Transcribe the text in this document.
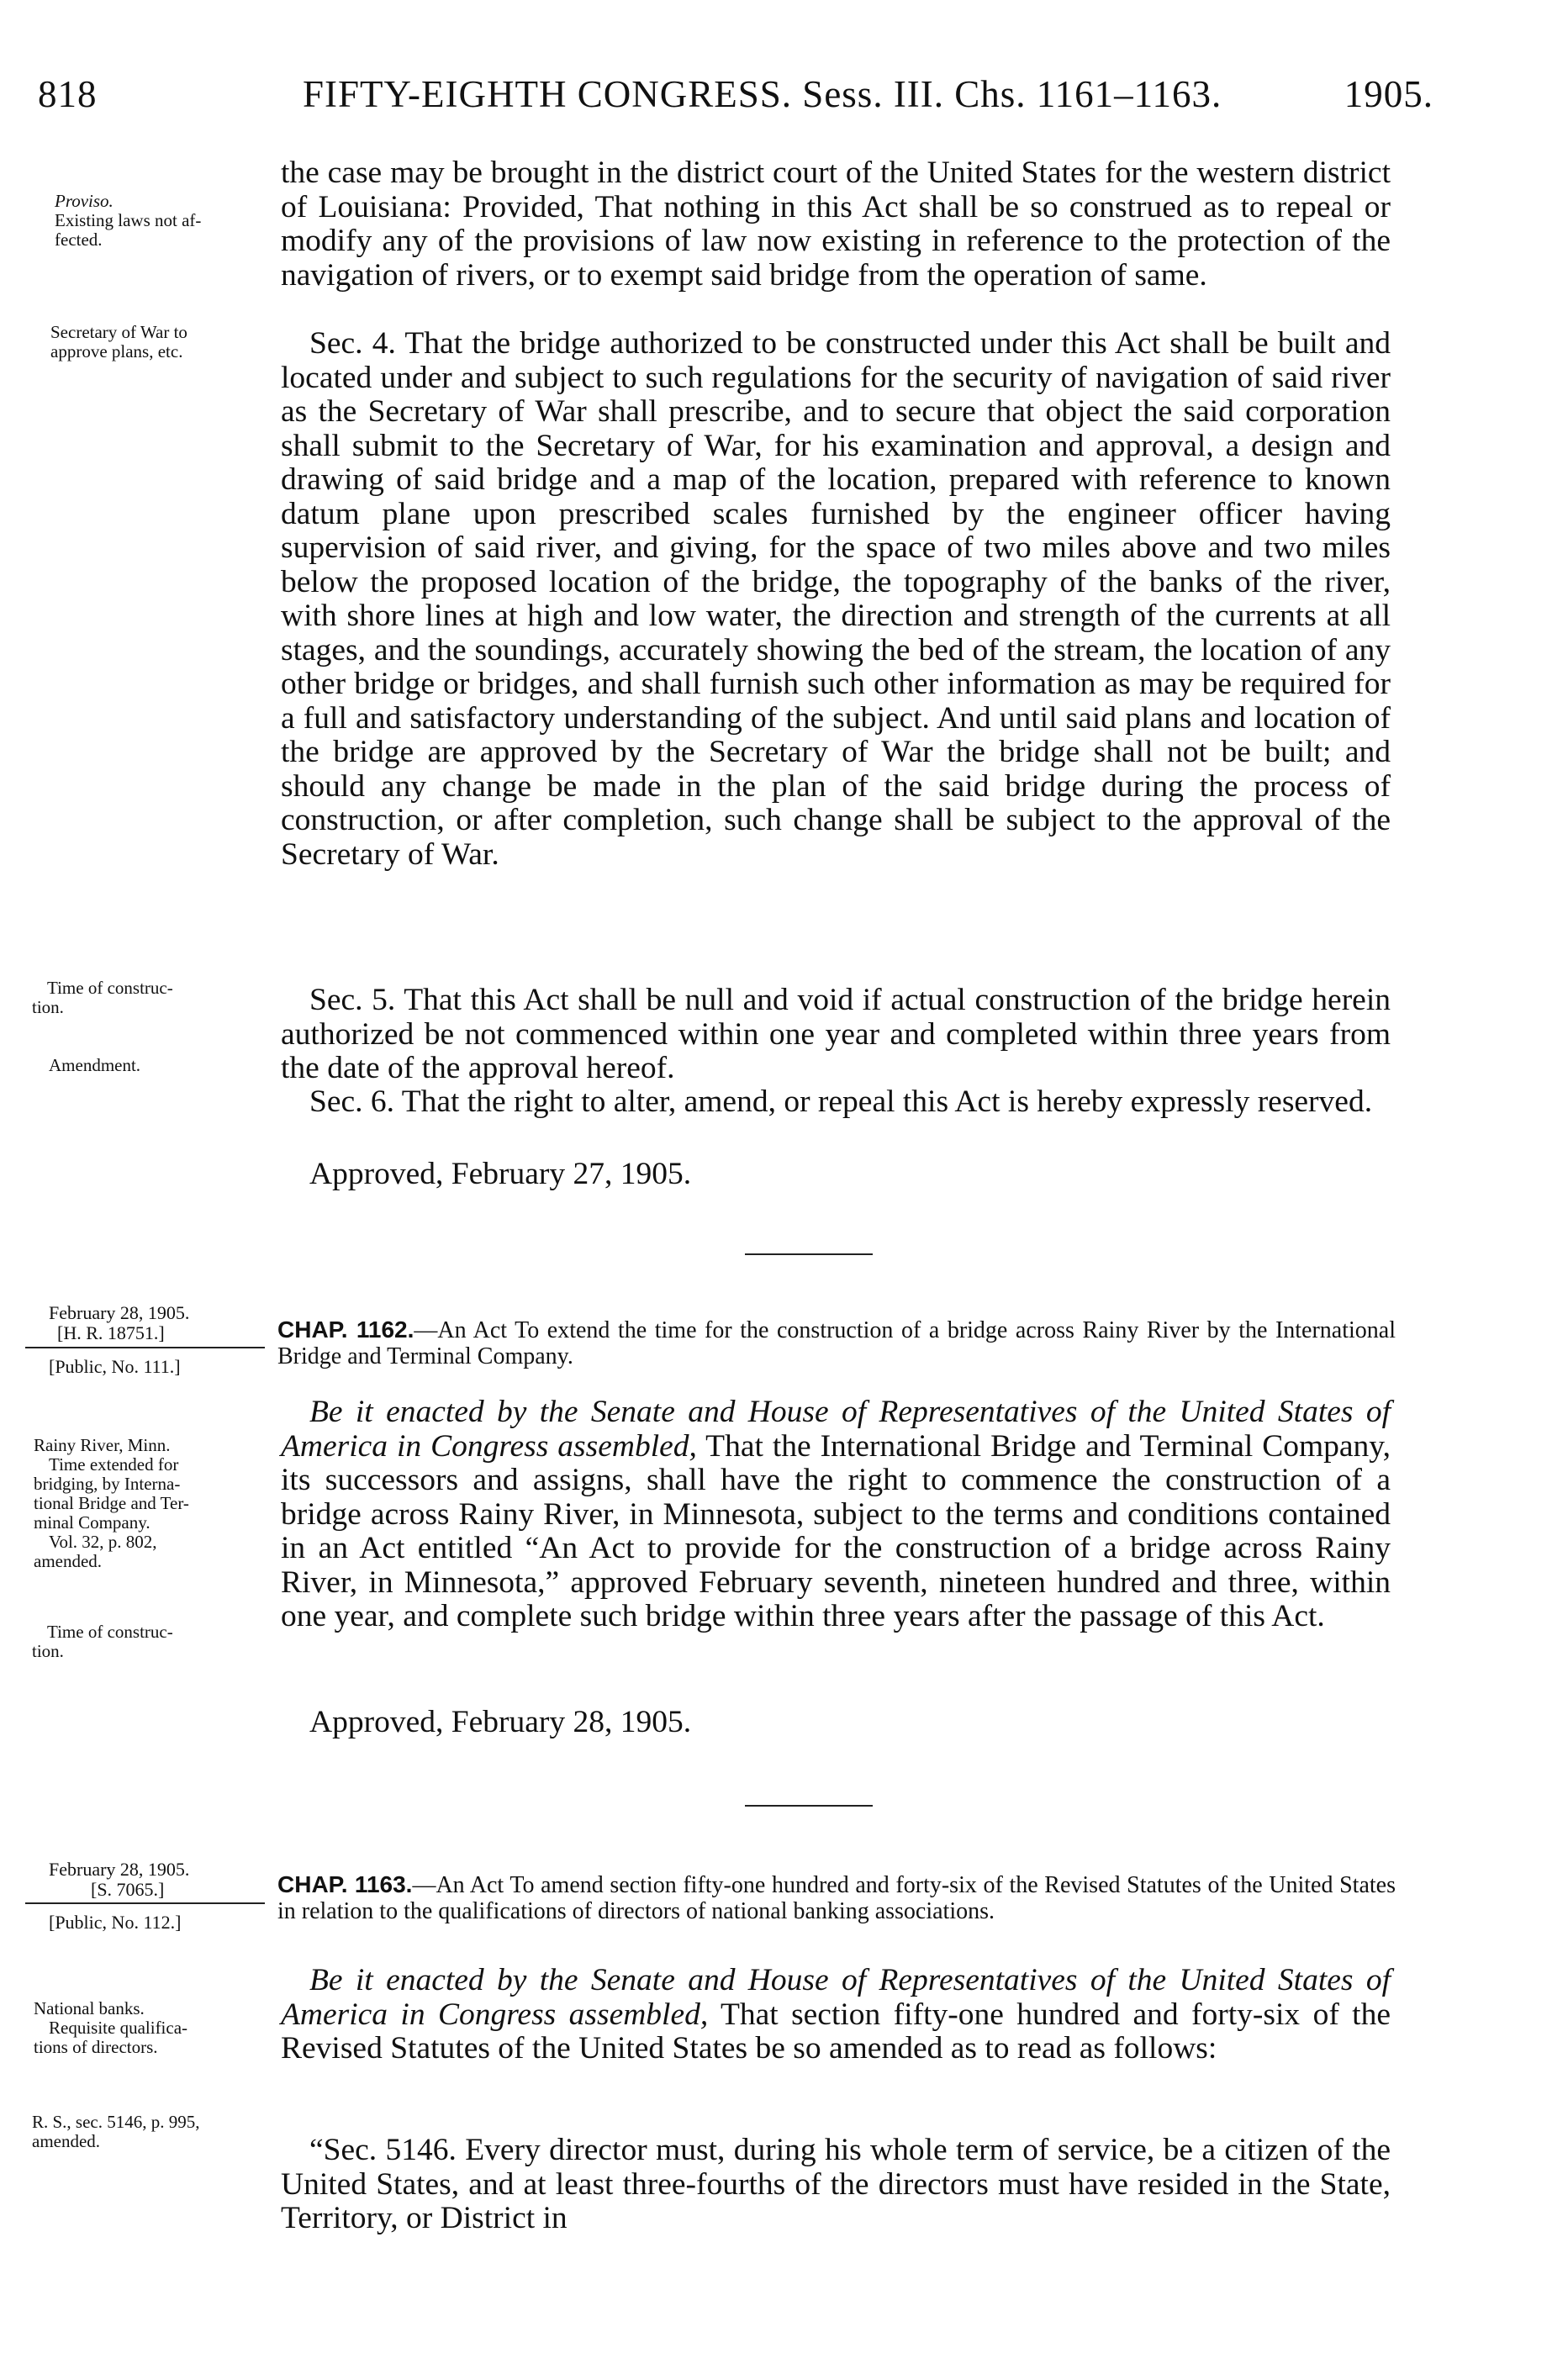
818	FIFTY-EIGHTH CONGRESS. Sess. III. Chs. 1161–1163.	1905.
Proviso.
Existing laws not af-
fected.
Secretary of War to
approve plans, etc.
Time of construc-
tion.
Amendment.

the case may be brought in the district court of the United States for the western district of Louisiana: Provided, That nothing in this Act shall be so construed as to repeal or modify any of the provisions of law now existing in reference to the protection of the navigation of rivers, or to exempt said bridge from the operation of same.

Sec. 4. That the bridge authorized to be constructed under this Act shall be built and located under and subject to such regulations for the security of navigation of said river as the Secretary of War shall prescribe, and to secure that object the said corporation shall submit to the Secretary of War, for his examination and approval, a design and drawing of said bridge and a map of the location, prepared with reference to known datum plane upon prescribed scales furnished by the engineer officer having supervision of said river, and giving, for the space of two miles above and two miles below the proposed location of the bridge, the topography of the banks of the river, with shore lines at high and low water, the direction and strength of the currents at all stages, and the soundings, accurately showing the bed of the stream, the location of any other bridge or bridges, and shall furnish such other information as may be required for a full and satisfactory understanding of the subject. And until said plans and location of the bridge are approved by the Secretary of War the bridge shall not be built; and should any change be made in the plan of the said bridge during the process of construction, or after completion, such change shall be subject to the approval of the Secretary of War.

Sec. 5. That this Act shall be null and void if actual construction of the bridge herein authorized be not commenced within one year and completed within three years from the date of the approval hereof.

Sec. 6. That the right to alter, amend, or repeal this Act is hereby expressly reserved.

Approved, February 27, 1905.
February 28, 1905.
[H. R. 18751.]
[Public, No. 111.]
CHAP. 1162.—An Act To extend the time for the construction of a bridge across Rainy River by the International Bridge and Terminal Company.
Rainy River, Minn.
Time extended for
bridging, by Interna-
tional Bridge and Ter-
minal Company.
Vol. 32, p. 802,
amended.
Time of construc-
tion.

Be it enacted by the Senate and House of Representatives of the United States of America in Congress assembled, That the International Bridge and Terminal Company, its successors and assigns, shall have the right to commence the construction of a bridge across Rainy River, in Minnesota, subject to the terms and conditions contained in an Act entitled “An Act to provide for the construction of a bridge across Rainy River, in Minnesota,” approved February seventh, nineteen hundred and three, within one year, and complete such bridge within three years after the passage of this Act.

Approved, February 28, 1905.
February 28, 1905.
[S. 7065.]
[Public, No. 112.]
CHAP. 1163.—An Act To amend section fifty-one hundred and forty-six of the Revised Statutes of the United States in relation to the qualifications of directors of national banking associations.
National banks.
Requisite qualifica-
tions of directors.
R. S., sec. 5146, p. 995,
amended.

Be it enacted by the Senate and House of Representatives of the United States of America in Congress assembled, That section fifty-one hundred and forty-six of the Revised Statutes of the United States be so amended as to read as follows:

“Sec. 5146. Every director must, during his whole term of service, be a citizen of the United States, and at least three-fourths of the directors must have resided in the State, Territory, or District in
